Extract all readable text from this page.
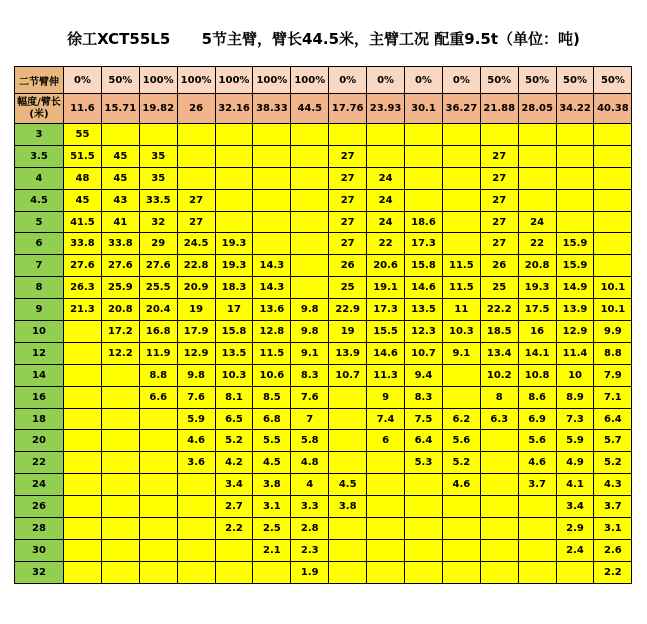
徐工XCT55L5      5节主臂，臂长44.5米，主臂工况 配重9.5t（单位：吨)
二节臂伸	0%	50%	100%	100%	100%	100%	100%	0%	0%	0%	0%	50%	50%	50%	50%
幅度/臂长(米)	11.6	15.71	19.82	26	32.16	38.33	44.5	17.76	23.93	30.1	36.27	21.88	28.05	34.22	40.38
3	55														
3.5	51.5	45	35					27				27			
4	48	45	35					27	24			27			
4.5	45	43	33.5	27				27	24			27			
5	41.5	41	32	27				27	24	18.6		27	24		
6	33.8	33.8	29	24.5	19.3			27	22	17.3		27	22	15.9	
7	27.6	27.6	27.6	22.8	19.3	14.3		26	20.6	15.8	11.5	26	20.8	15.9	
8	26.3	25.9	25.5	20.9	18.3	14.3		25	19.1	14.6	11.5	25	19.3	14.9	10.1
9	21.3	20.8	20.4	19	17	13.6	9.8	22.9	17.3	13.5	11	22.2	17.5	13.9	10.1
10		17.2	16.8	17.9	15.8	12.8	9.8	19	15.5	12.3	10.3	18.5	16	12.9	9.9
12		12.2	11.9	12.9	13.5	11.5	9.1	13.9	14.6	10.7	9.1	13.4	14.1	11.4	8.8
14			8.8	9.8	10.3	10.6	8.3	10.7	11.3	9.4		10.2	10.8	10	7.9
16			6.6	7.6	8.1	8.5	7.6		9	8.3		8	8.6	8.9	7.1
18				5.9	6.5	6.8	7		7.4	7.5	6.2	6.3	6.9	7.3	6.4
20				4.6	5.2	5.5	5.8		6	6.4	5.6		5.6	5.9	5.7
22				3.6	4.2	4.5	4.8			5.3	5.2		4.6	4.9	5.2
24					3.4	3.8	4	4.5			4.6		3.7	4.1	4.3
26					2.7	3.1	3.3	3.8						3.4	3.7
28					2.2	2.5	2.8							2.9	3.1
30						2.1	2.3							2.4	2.6
32							1.9								2.2
